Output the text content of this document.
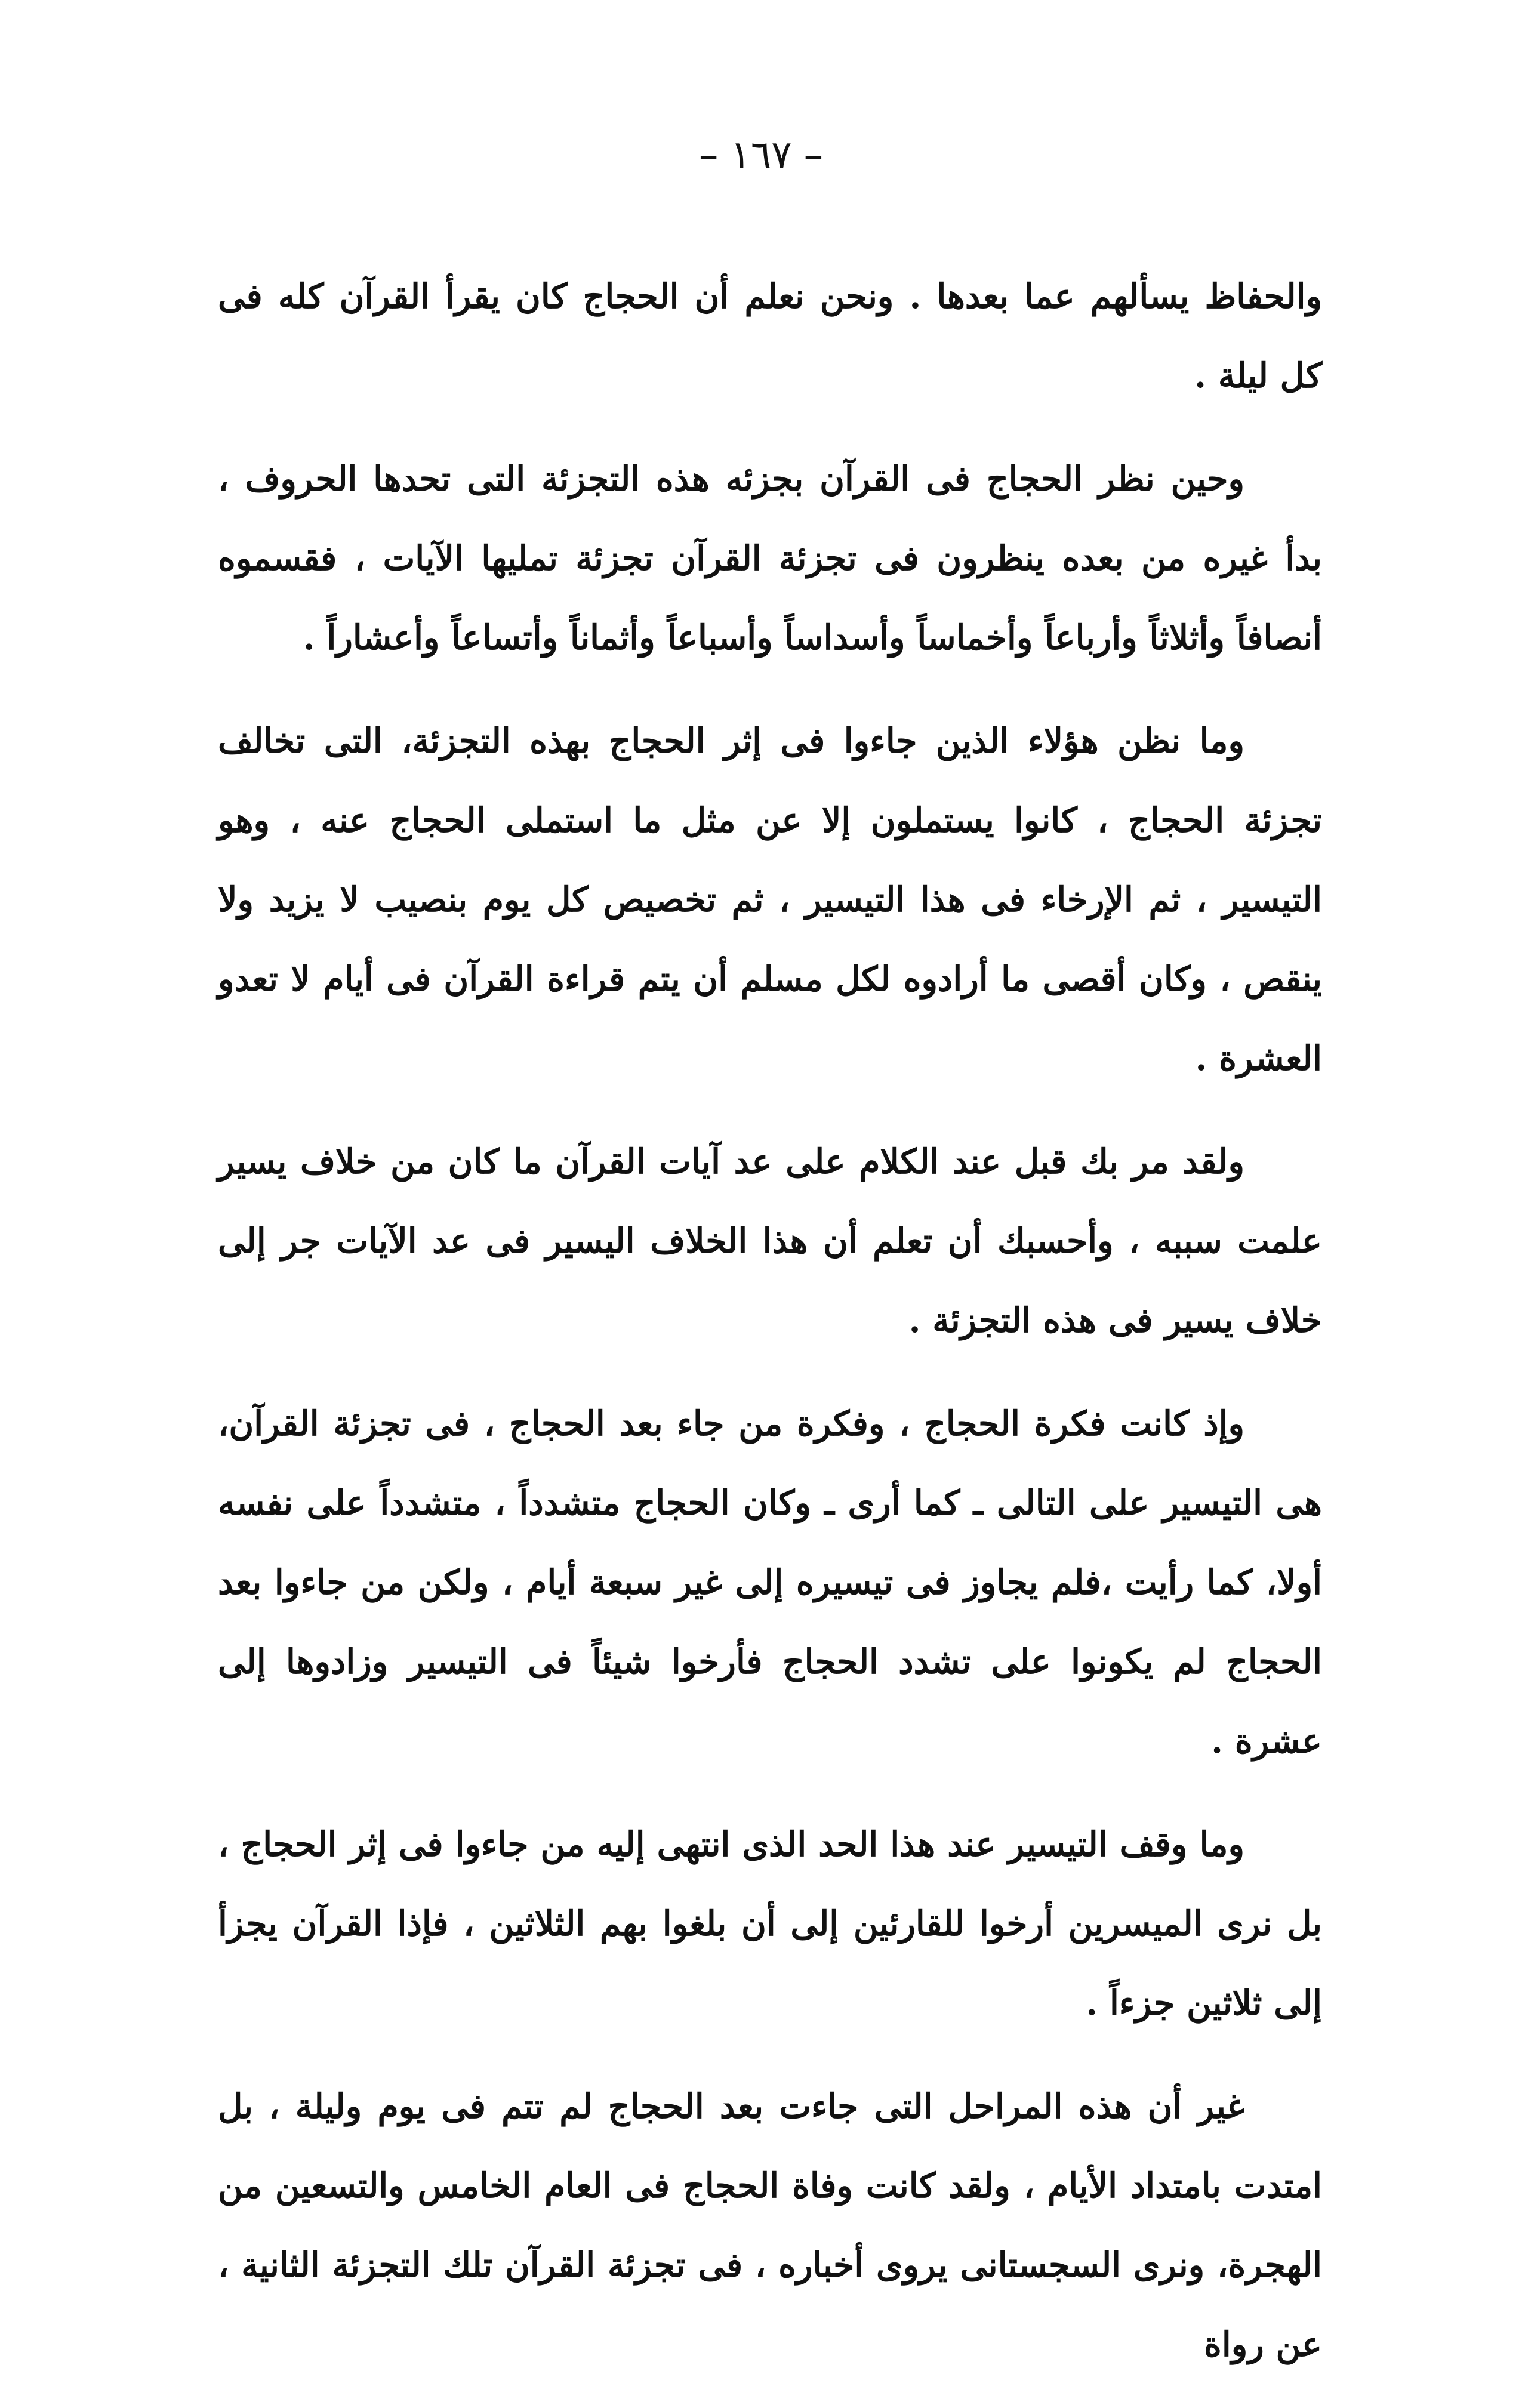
– ١٦٧ –

والحفاظ يسألهم عما بعدها . ونحن نعلم أن الحجاج كان يقرأ القرآن كله فى كل ليلة .

وحين نظر الحجاج فى القرآن بجزئه هذه التجزئة التى تحدها الحروف ، بدأ غيره من بعده ينظرون فى تجزئة القرآن تجزئة تمليها الآيات ، فقسموه أنصافاً وأثلاثاً وأرباعاً وأخماساً وأسداساً وأسباعاً وأثماناً وأتساعاً وأعشاراً .

وما نظن هؤلاء الذين جاءوا فى إثر الحجاج بهذه التجزئة، التى تخالف تجزئة الحجاج ، كانوا يستملون إلا عن مثل ما استملى الحجاج عنه ، وهو التيسير ، ثم الإرخاء فى هذا التيسير ، ثم تخصيص كل يوم بنصيب لا يزيد ولا ينقص ، وكان أقصى ما أرادوه لكل مسلم أن يتم قراءة القرآن فى أيام لا تعدو العشرة .

ولقد مر بك قبل عند الكلام على عد آيات القرآن ما كان من خلاف يسير علمت سببه ، وأحسبك أن تعلم أن هذا الخلاف اليسير فى عد الآيات جر إلى خلاف يسير فى هذه التجزئة .

وإذ كانت فكرة الحجاج ، وفكرة من جاء بعد الحجاج ، فى تجزئة القرآن، هى التيسير على التالى ـ كما أرى ـ وكان الحجاج متشدداً ، متشدداً على نفسه أولا، كما رأيت ،فلم يجاوز فى تيسيره إلى غير سبعة أيام ، ولكن من جاءوا بعد الحجاج لم يكونوا على تشدد الحجاج فأرخوا شيئاً فى التيسير وزادوها إلى عشرة .

وما وقف التيسير عند هذا الحد الذى انتهى إليه من جاءوا فى إثر الحجاج ، بل نرى الميسرين أرخوا للقارئين إلى أن بلغوا بهم الثلاثين ، فإذا القرآن يجزأ إلى ثلاثين جزءاً .

غير أن هذه المراحل التى جاءت بعد الحجاج لم تتم فى يوم وليلة ، بل امتدت بامتداد الأيام ، ولقد كانت وفاة الحجاج فى العام الخامس والتسعين من الهجرة، ونرى السجستانى يروى أخباره ، فى تجزئة القرآن تلك التجزئة الثانية ، عن رواة
